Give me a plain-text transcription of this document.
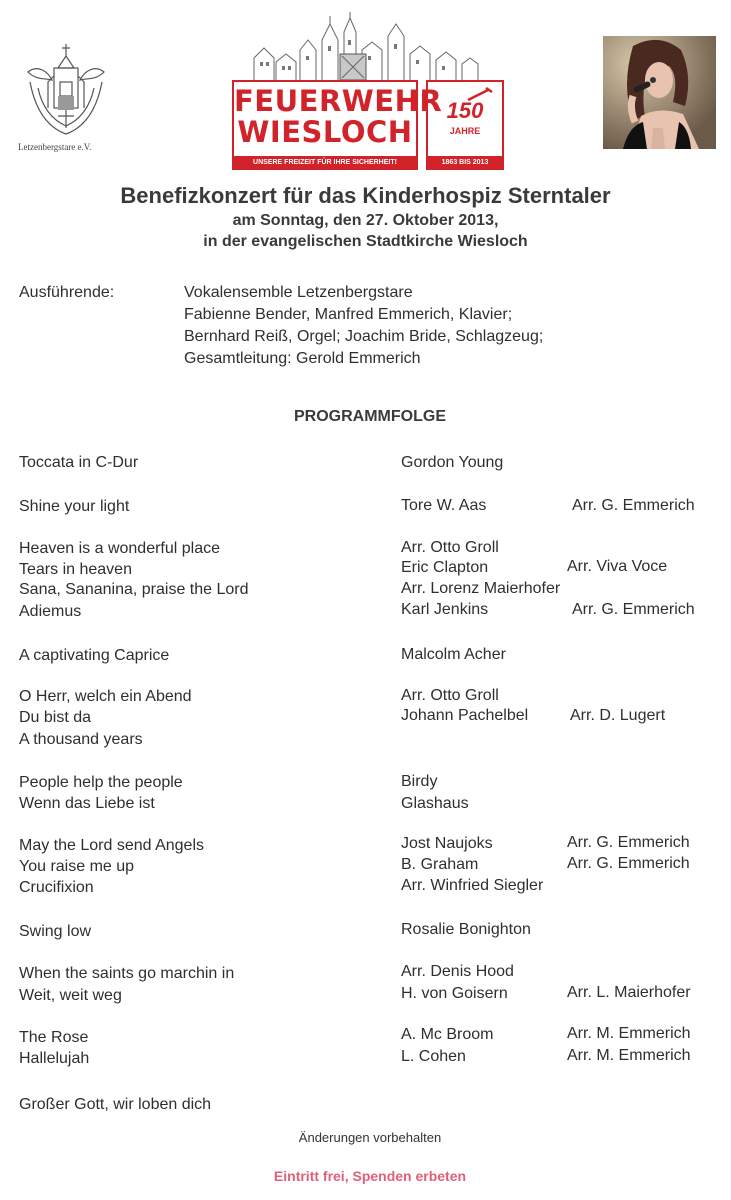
Letzenbergstare e.V.
FEUERWEHR
WIESLOCH
UNSERE FREIZEIT FÜR IHRE SICHERHEIT!
150
JAHRE
1863 BIS 2013
Benefizkonzert für das Kinderhospiz Sterntaler
am Sonntag, den 27. Oktober 2013,
in der evangelischen Stadtkirche Wiesloch
Ausführende:	Vokalensemble Letzenbergstare
Fabienne Bender, Manfred Emmerich, Klavier;
Bernhard Reiß, Orgel; Joachim Bride, Schlagzeug;
Gesamtleitung: Gerold Emmerich
PROGRAMMFOLGE
Toccata in C-Dur	Gordon Young
Shine your light	Tore W. Aas	Arr. G. Emmerich
Heaven is a wonderful place	Arr. Otto Groll
Tears in heaven	Eric Clapton	Arr. Viva Voce
Sana, Sananina, praise the Lord	Arr. Lorenz Maierhofer
Adiemus	Karl Jenkins	Arr. G. Emmerich
A captivating Caprice	Malcolm Acher
O Herr, welch ein Abend	Arr. Otto Groll
Du bist da	Johann Pachelbel	Arr. D. Lugert
A thousand years
People help the people	Birdy
Wenn das Liebe ist	Glashaus
May the Lord send Angels	Jost Naujoks	Arr. G. Emmerich
You raise me up	B. Graham	Arr. G. Emmerich
Crucifixion	Arr. Winfried Siegler
Swing low	Rosalie Bonighton
When the saints go marchin in	Arr. Denis Hood
Weit, weit weg	H. von Goisern	Arr. L. Maierhofer
The Rose	A. Mc Broom	Arr. M. Emmerich
Hallelujah	L. Cohen	Arr. M. Emmerich
Großer Gott, wir loben dich
Änderungen vorbehalten
Eintritt frei, Spenden erbeten
